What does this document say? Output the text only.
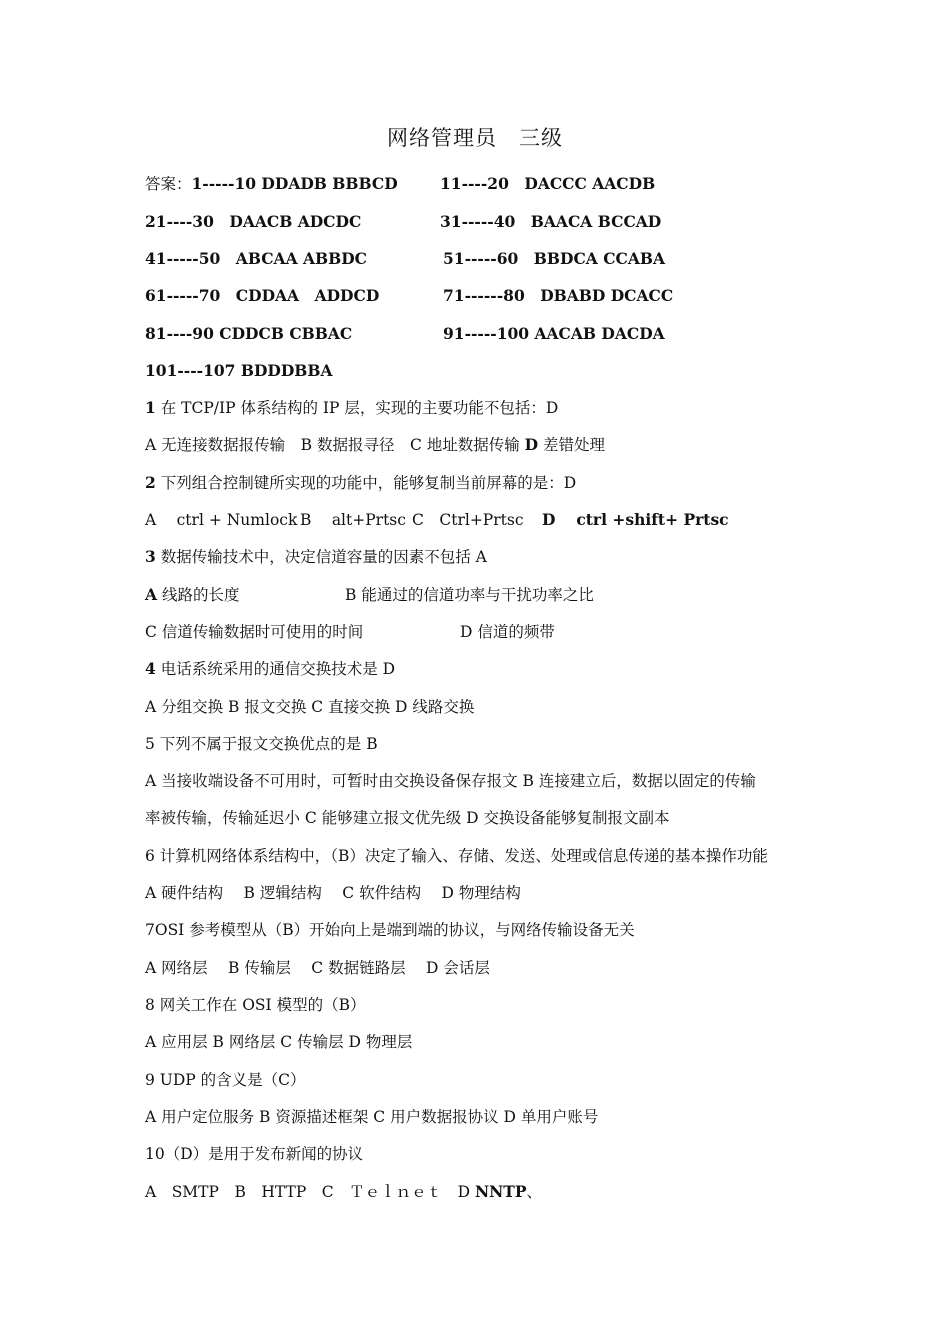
网络管理员　三级
答案：1-----10 DDADB BBBCD	11----20　DACCC AACDB
21----30　DAACB ADCDC	31-----40　BAACA BCCAD
41-----50　ABCAA ABBDC	51-----60　BBDCA CCABA
61-----70　CDDAA　ADDCD	71------80　DBABD DCACC
81----90 CDDCB CBBAC	91-----100 AACAB DACDA
101----107 BDDDBBA
1 在 TCP/IP 体系结构的 IP 层，实现的主要功能不包括：D
A 无连接数据报传输　B 数据报寻径　C 地址数据传输 D 差错处理
2 下列组合控制键所实现的功能中，能够复制当前屏幕的是：D
A　 ctrl + Numlock B　 alt+Prtsc C　Ctrl+Prtsc D　 ctrl +shift+ Prtsc
3 数据传输技术中，决定信道容量的因素不包括 A
A 线路的长度	B 能通过的信道功率与干扰功率之比
C 信道传输数据时可使用的时间	D 信道的频带
4 电话系统采用的通信交换技术是 D
A 分组交换 B 报文交换 C 直接交换 D 线路交换
5 下列不属于报文交换优点的是 B
A 当接收端设备不可用时，可暂时由交换设备保存报文 B 连接建立后，数据以固定的传输
率被传输，传输延迟小 C 能够建立报文优先级 D 交换设备能够复制报文副本
6 计算机网络体系结构中，（B）决定了输入、存储、发送、处理或信息传递的基本操作功能
A 硬件结构　 B 逻辑结构　 C 软件结构　 D 物理结构
7OSI 参考模型从（B）开始向上是端到端的协议，与网络传输设备无关
A 网络层　 B 传输层　 C 数据链路层　 D 会话层
8 网关工作在 OSI 模型的（B）
A 应用层 B 网络层 C 传输层 D 物理层
9 UDP 的含义是（C）
A 用户定位服务 B 资源描述框架 C 用户数据报协议 D 单用户账号
10（D）是用于发布新闻的协议
A　SMTP　B　HTTP　C　Ｔｅｌｎｅｔ　D NNTP、
